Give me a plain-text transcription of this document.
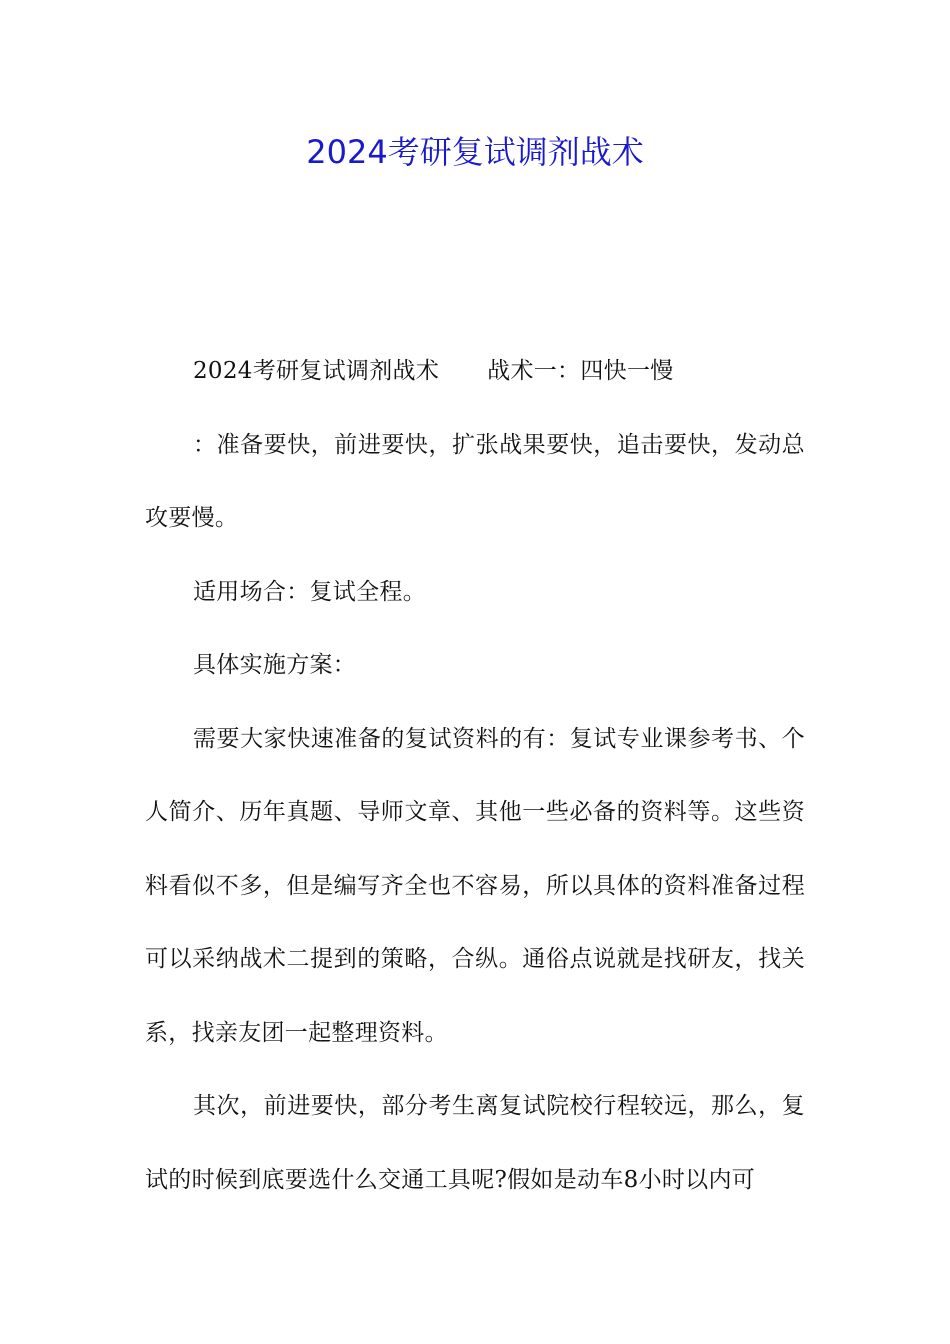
2024考研复试调剂战术

2024考研复试调剂战术 战术一：四快一慢

：准备要快，前进要快，扩张战果要快，追击要快，发动总攻要慢。

适用场合：复试全程。

具体实施方案：

需要大家快速准备的复试资料的有：复试专业课参考书、个人简介、历年真题、导师文章、其他一些必备的资料等。这些资料看似不多，但是编写齐全也不容易，所以具体的资料准备过程可以采纳战术二提到的策略，合纵。通俗点说就是找研友，找关系，找亲友团一起整理资料。

其次，前进要快，部分考生离复试院校行程较远，那么，复试的时候到底要选什么交通工具呢?假如是动车8小时以内可
